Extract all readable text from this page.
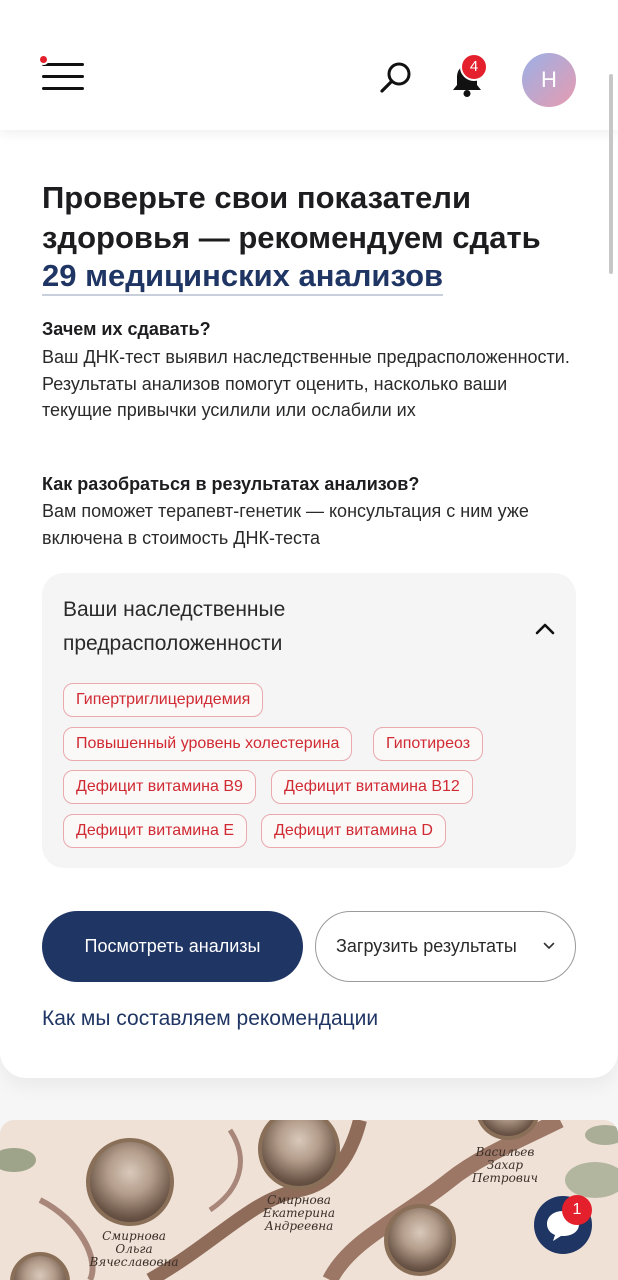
4
Н
Проверьте свои показатели здоровья — рекомендуем сдать
29 медицинских анализов
Зачем их сдавать?
Ваш ДНК-тест выявил наследственные предрасположенности. Результаты анализов помогут оценить, насколько ваши текущие привычки усилили или ослабили их
Как разобраться в результатах анализов?
Вам поможет терапевт-генетик — консультация с ним уже включена в стоимость ДНК-теста
Ваши наследственные предрасположенности
Гипертриглицеридемия
Повышенный уровень холестерина	Гипотиреоз
Дефицит витамина B9	Дефицит витамина B12
Дефицит витамина E	Дефицит витамина D
Посмотреть анализы	Загрузить результаты
Как мы составляем рекомендации
Смирнова Ольга Вячеславовна
Смирнова Екатерина Андреевна
Васильев Захар Петрович
1
